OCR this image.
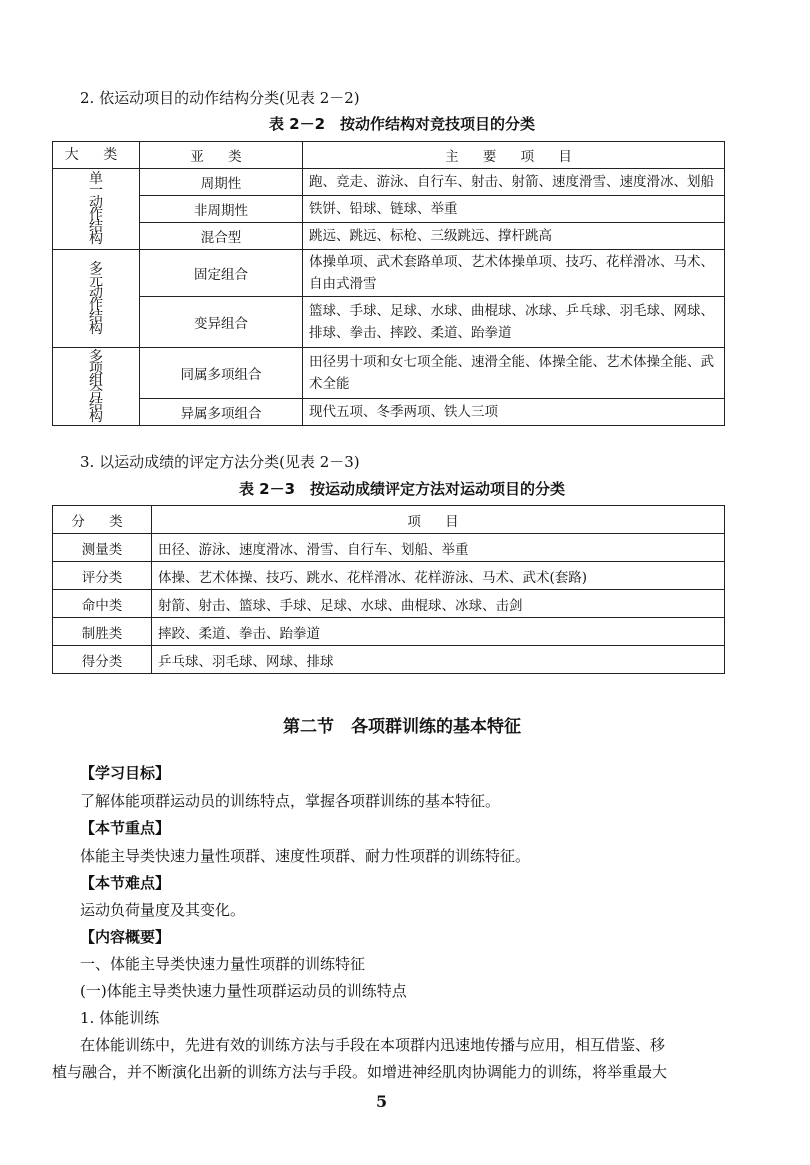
2. 依运动项目的动作结构分类(见表 2－2)
表 2－2　按动作结构对竞技项目的分类
大 类	亚 类	主 要 项 目

单一动作结构	周期性	跑、竞走、游泳、自行车、射击、射箭、速度滑雪、速度滑冰、划船
	非周期性	铁饼、铅球、链球、举重
	混合型	跳远、跳远、标枪、三级跳远、撑杆跳高

多元动作结构	固定组合	体操单项、武术套路单项、艺术体操单项、技巧、花样滑冰、马术、自由式滑雪
	变异组合	篮球、手球、足球、水球、曲棍球、冰球、乒乓球、羽毛球、网球、排球、拳击、摔跤、柔道、跆拳道

多项组合结构	同属多项组合	田径男十项和女七项全能、速滑全能、体操全能、艺术体操全能、武术全能
	异属多项组合	现代五项、冬季两项、铁人三项
3. 以运动成绩的评定方法分类(见表 2－3)
表 2－3　按运动成绩评定方法对运动项目的分类
分 类	项 目
测量类	田径、游泳、速度滑冰、滑雪、自行车、划船、举重
评分类	体操、艺术体操、技巧、跳水、花样滑冰、花样游泳、马术、武术(套路)
命中类	射箭、射击、篮球、手球、足球、水球、曲棍球、冰球、击剑
制胜类	摔跤、柔道、拳击、跆拳道
得分类	乒乓球、羽毛球、网球、排球
第二节　各项群训练的基本特征
【学习目标】
了解体能项群运动员的训练特点，掌握各项群训练的基本特征。
【本节重点】
体能主导类快速力量性项群、速度性项群、耐力性项群的训练特征。
【本节难点】
运动负荷量度及其变化。
【内容概要】
一、体能主导类快速力量性项群的训练特征
(一)体能主导类快速力量性项群运动员的训练特点
1. 体能训练
在体能训练中，先进有效的训练方法与手段在本项群内迅速地传播与应用，相互借鉴、移
植与融合，并不断演化出新的训练方法与手段。如增进神经肌肉协调能力的训练，将举重最大
5
